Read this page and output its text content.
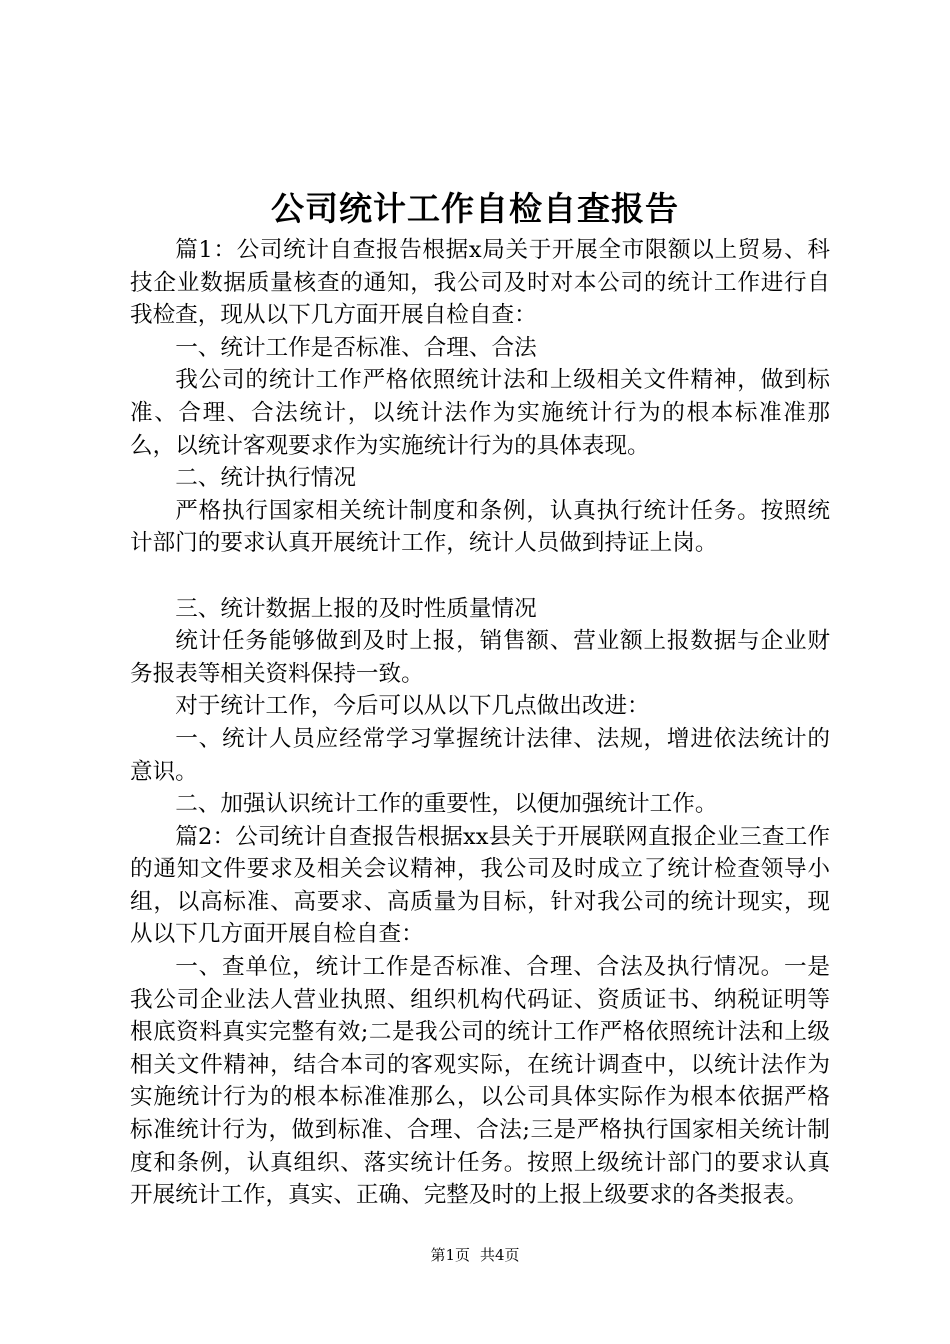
公司统计工作自检自查报告

篇1：公司统计自查报告根据x局关于开展全市限额以上贸易、科技企业数据质量核查的通知，我公司及时对本公司的统计工作进行自我检查，现从以下几方面开展自检自查：

一、统计工作是否标准、合理、合法

我公司的统计工作严格依照统计法和上级相关文件精神，做到标准、合理、合法统计，以统计法作为实施统计行为的根本标准准那么，以统计客观要求作为实施统计行为的具体表现。

二、统计执行情况

严格执行国家相关统计制度和条例，认真执行统计任务。按照统计部门的要求认真开展统计工作，统计人员做到持证上岗。

三、统计数据上报的及时性质量情况

统计任务能够做到及时上报，销售额、营业额上报数据与企业财务报表等相关资料保持一致。

对于统计工作，今后可以从以下几点做出改进：

一、统计人员应经常学习掌握统计法律、法规，增进依法统计的意识。

二、加强认识统计工作的重要性，以便加强统计工作。

篇2：公司统计自查报告根据xx县关于开展联网直报企业三查工作的通知文件要求及相关会议精神，我公司及时成立了统计检查领导小组，以高标准、高要求、高质量为目标，针对我公司的统计现实，现从以下几方面开展自检自查：

一、查单位，统计工作是否标准、合理、合法及执行情况。一是我公司企业法人营业执照、组织机构代码证、资质证书、纳税证明等根底资料真实完整有效;二是我公司的统计工作严格依照统计法和上级相关文件精神，结合本司的客观实际，在统计调查中，以统计法作为实施统计行为的根本标准准那么，以公司具体实际作为根本依据严格标准统计行为，做到标准、合理、合法;三是严格执行国家相关统计制度和条例，认真组织、落实统计任务。按照上级统计部门的要求认真开展统计工作，真实、正确、完整及时的上报上级要求的各类报表。

第1页 共4页
